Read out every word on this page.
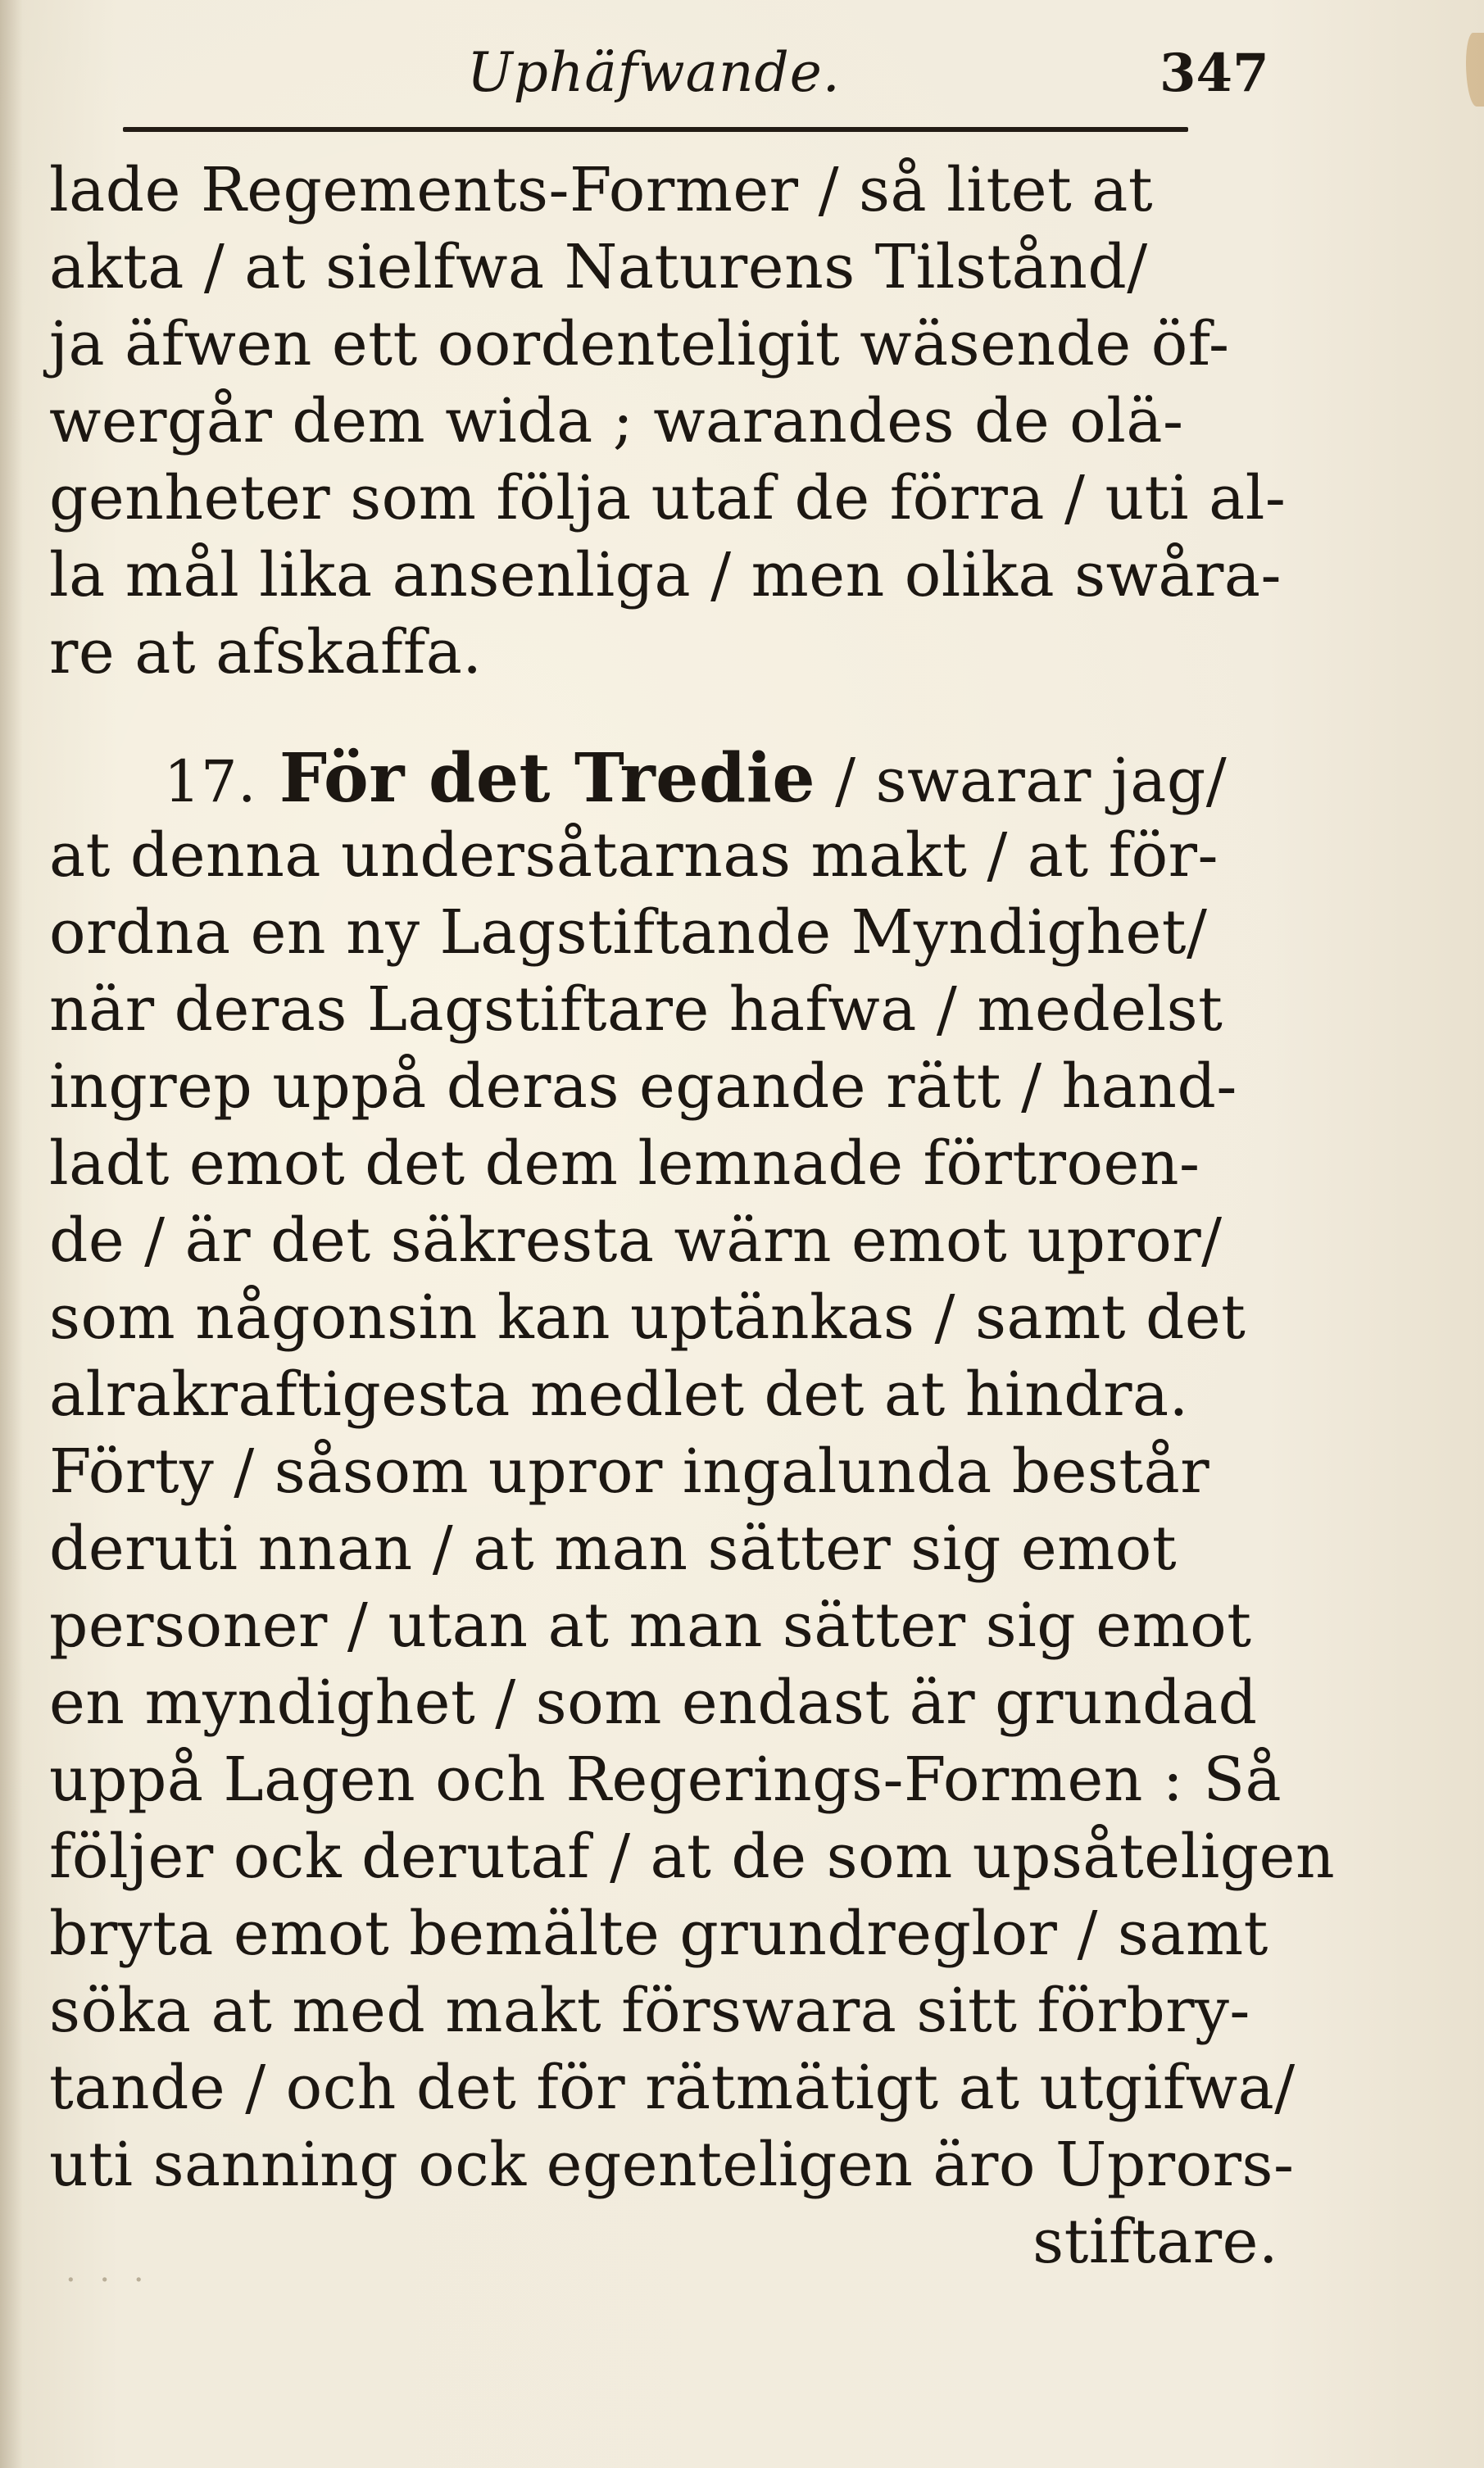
Uphäfwande.	347
lade Regements-Former / så litet at
akta / at sielfwa Naturens Tilstånd/
ja äfwen ett oordenteligit wäsende öf-
wergår dem wida ; warandes de olä-
genheter som följa utaf de förra / uti al-
la mål lika ansenliga / men olika swåra-
re at afskaffa.
17. För det Tredie / swarar jag/
at denna undersåtarnas makt / at för-
ordna en ny Lagstiftande Myndighet/
när deras Lagstiftare hafwa / medelst
ingrep uppå deras egande rätt / hand-
ladt emot det dem lemnade förtroen-
de / är det säkresta wärn emot upror/
som någonsin kan uptänkas / samt det
alrakraftigesta medlet det at hindra.
Förty / såsom upror ingalunda består
deruti nnan / at man sätter sig emot
personer / utan at man sätter sig emot
en myndighet / som endast är grundad
uppå Lagen och Regerings-Formen : Så
följer ock derutaf / at de som upsåteligen
bryta emot bemälte grundreglor / samt
söka at med makt förswara sitt förbry-
tande / och det för rätmätigt at utgifwa/
uti sanning ock egenteligen äro Uprors-
stiftare.
· · ·
